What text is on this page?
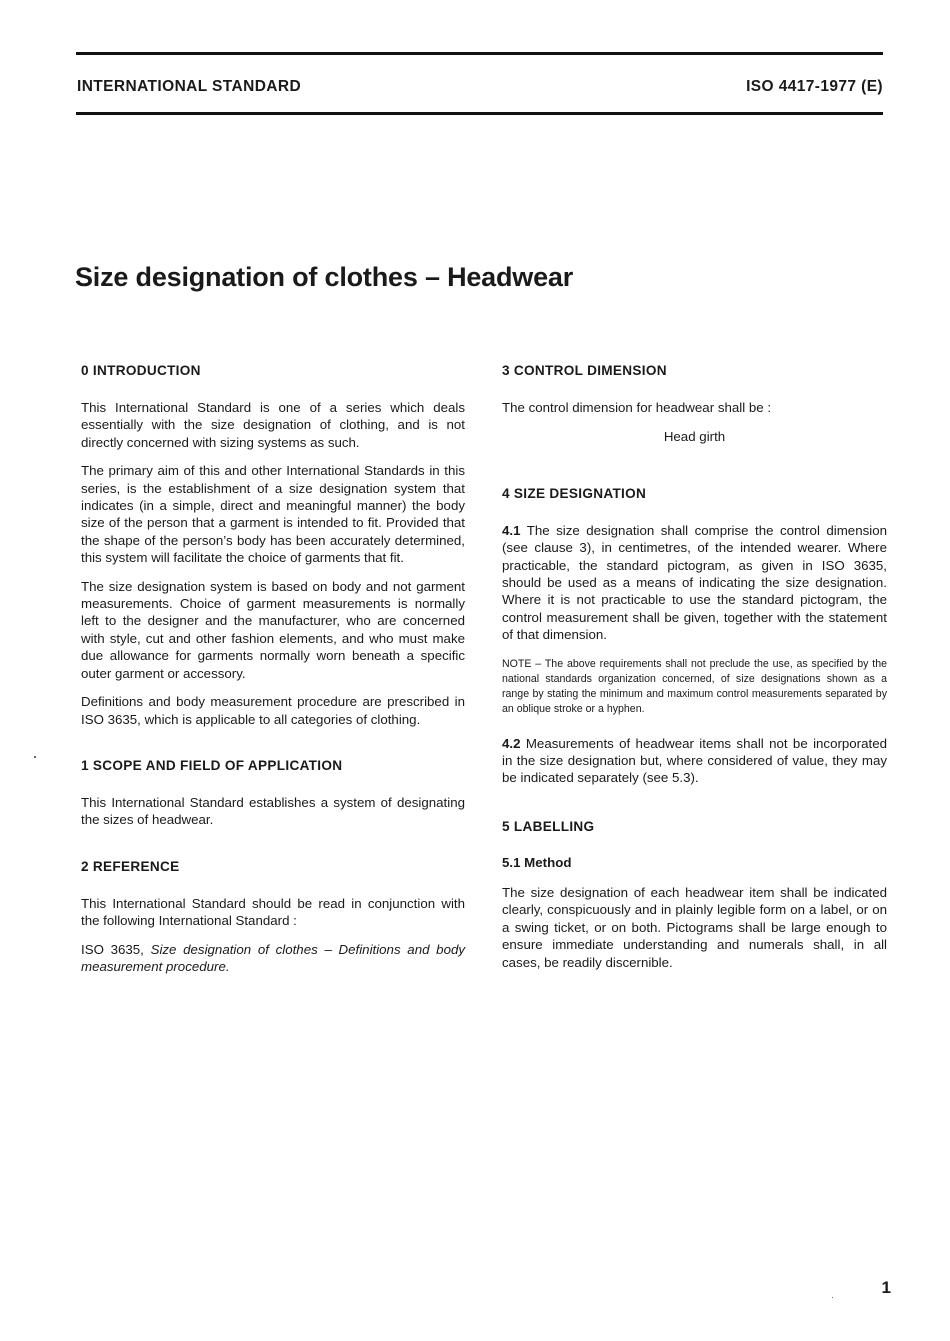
INTERNATIONAL STANDARD	ISO 4417-1977 (E)
Size designation of clothes – Headwear
0 INTRODUCTION

This International Standard is one of a series which deals essentially with the size designation of clothing, and is not directly concerned with sizing systems as such.

The primary aim of this and other International Standards in this series, is the establishment of a size designation system that indicates (in a simple, direct and meaningful manner) the body size of the person that a garment is intended to fit. Provided that the shape of the person’s body has been accurately determined, this system will facilitate the choice of garments that fit.

The size designation system is based on body and not garment measurements. Choice of garment measurements is normally left to the designer and the manufacturer, who are concerned with style, cut and other fashion elements, and who must make due allowance for garments normally worn beneath a specific outer garment or accessory.

Definitions and body measurement procedure are prescribed in ISO 3635, which is applicable to all categories of clothing.

1 SCOPE AND FIELD OF APPLICATION

This International Standard establishes a system of designating the sizes of headwear.

2 REFERENCE

This International Standard should be read in conjunction with the following International Standard :

ISO 3635, Size designation of clothes – Definitions and body measurement procedure.

3 CONTROL DIMENSION

The control dimension for headwear shall be :

Head girth

4 SIZE DESIGNATION

4.1 The size designation shall comprise the control dimension (see clause 3), in centimetres, of the intended wearer. Where practicable, the standard pictogram, as given in ISO 3635, should be used as a means of indicating the size designation. Where it is not practicable to use the standard pictogram, the control measurement shall be given, together with the statement of that dimension.

NOTE – The above requirements shall not preclude the use, as specified by the national standards organization concerned, of size designations shown as a range by stating the minimum and maximum control measurements separated by an oblique stroke or a hyphen.

4.2 Measurements of headwear items shall not be incorporated in the size designation but, where considered of value, they may be indicated separately (see 5.3).

5 LABELLING
5.1 Method

The size designation of each headwear item shall be indicated clearly, conspicuously and in plainly legible form on a label, or on a swing ticket, or on both. Pictograms shall be large enough to ensure immediate understanding and numerals shall, in all cases, be readily discernible.

1
